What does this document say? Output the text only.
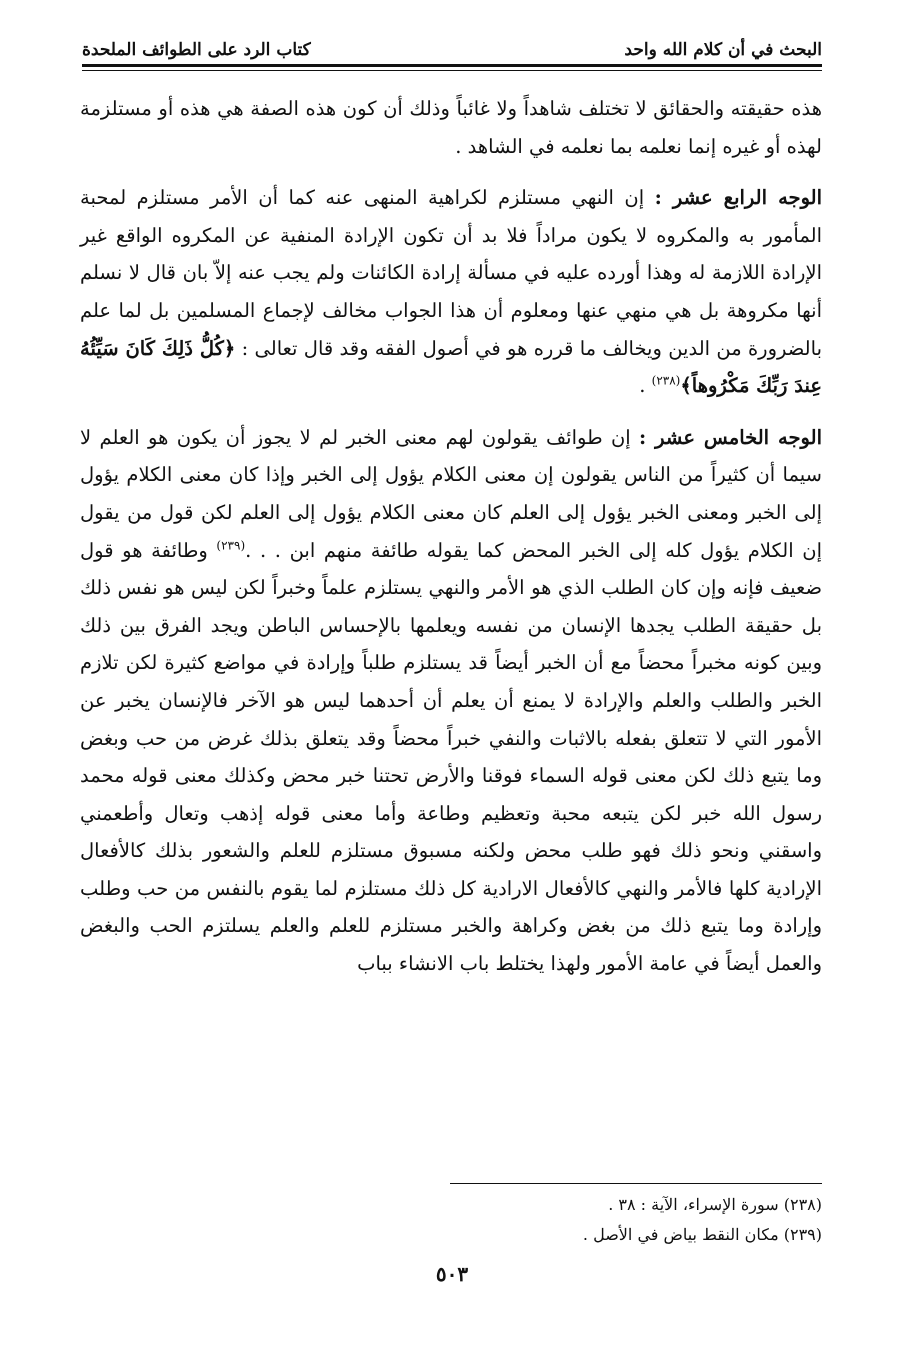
البحث في أن كلام الله واحد
كتاب الرد على الطوائف الملحدة

هذه حقيقته والحقائق لا تختلف شاهداً ولا غائباً وذلك أن كون هذه الصفة هي هذه أو مستلزمة لهذه أو غيره إنما نعلمه بما نعلمه في الشاهد .

الوجه الرابع عشر : إن النهي مستلزم لكراهية المنهى عنه كما أن الأمر مستلزم لمحبة المأمور به والمكروه لا يكون مراداً فلا بد أن تكون الإرادة المنفية عن المكروه الواقع غير الإرادة اللازمة له وهذا أورده عليه في مسألة إرادة الكائنات ولم يجب عنه إلاّ بان قال لا نسلم أنها مكروهة بل هي منهي عنها ومعلوم أن هذا الجواب مخالف لإجماع المسلمين بل لما علم بالضرورة من الدين ويخالف ما قرره هو في أصول الفقه وقد قال تعالى : ﴿كُلُّ ذَلِكَ كَانَ سَيِّئُهُ عِندَ رَبِّكَ مَكْرُوهاً﴾$^{(٢٣٨)}$ .

الوجه الخامس عشر : إن طوائف يقولون لهم معنى الخبر لم لا يجوز أن يكون هو العلم لا سيما أن كثيراً من الناس يقولون إن معنى الكلام يؤول إلى الخبر وإذا كان معنى الكلام يؤول إلى الخبر ومعنى الخبر يؤول إلى العلم كان معنى الكلام يؤول إلى العلم لكن قول من يقول إن الكلام يؤول كله إلى الخبر المحض كما يقوله طائفة منهم ابن . . .$^{(٢٣٩)}$ وطائفة هو قول ضعيف فإنه وإن كان الطلب الذي هو الأمر والنهي يستلزم علماً وخبراً لكن ليس هو نفس ذلك بل حقيقة الطلب يجدها الإنسان من نفسه ويعلمها بالإحساس الباطن ويجد الفرق بين ذلك وبين كونه مخبراً محضاً مع أن الخبر أيضاً قد يستلزم طلباً وإرادة في مواضع كثيرة لكن تلازم الخبر والطلب والعلم والإرادة لا يمنع أن يعلم أن أحدهما ليس هو الآخر فالإنسان يخبر عن الأمور التي لا تتعلق بفعله بالاثبات والنفي خبراً محضاً وقد يتعلق بذلك غرض من حب وبغض وما يتبع ذلك لكن معنى قوله السماء فوقنا والأرض تحتنا خبر محض وكذلك معنى قوله محمد رسول الله خبر لكن يتبعه محبة وتعظيم وطاعة وأما معنى قوله إذهب وتعال وأطعمني واسقني ونحو ذلك فهو طلب محض ولكنه مسبوق مستلزم للعلم والشعور بذلك كالأفعال الإرادية كلها فالأمر والنهي كالأفعال الارادية كل ذلك مستلزم لما يقوم بالنفس من حب وطلب وإرادة وما يتبع ذلك من بغض وكراهة والخبر مستلزم للعلم والعلم يسلتزم الحب والبغض والعمل أيضاً في عامة الأمور ولهذا يختلط باب الانشاء بباب

(٢٣٨) سورة الإسراء، الآية : ٣٨ .
(٢٣٩) مكان النقط بياض في الأصل .
٥٠٣
